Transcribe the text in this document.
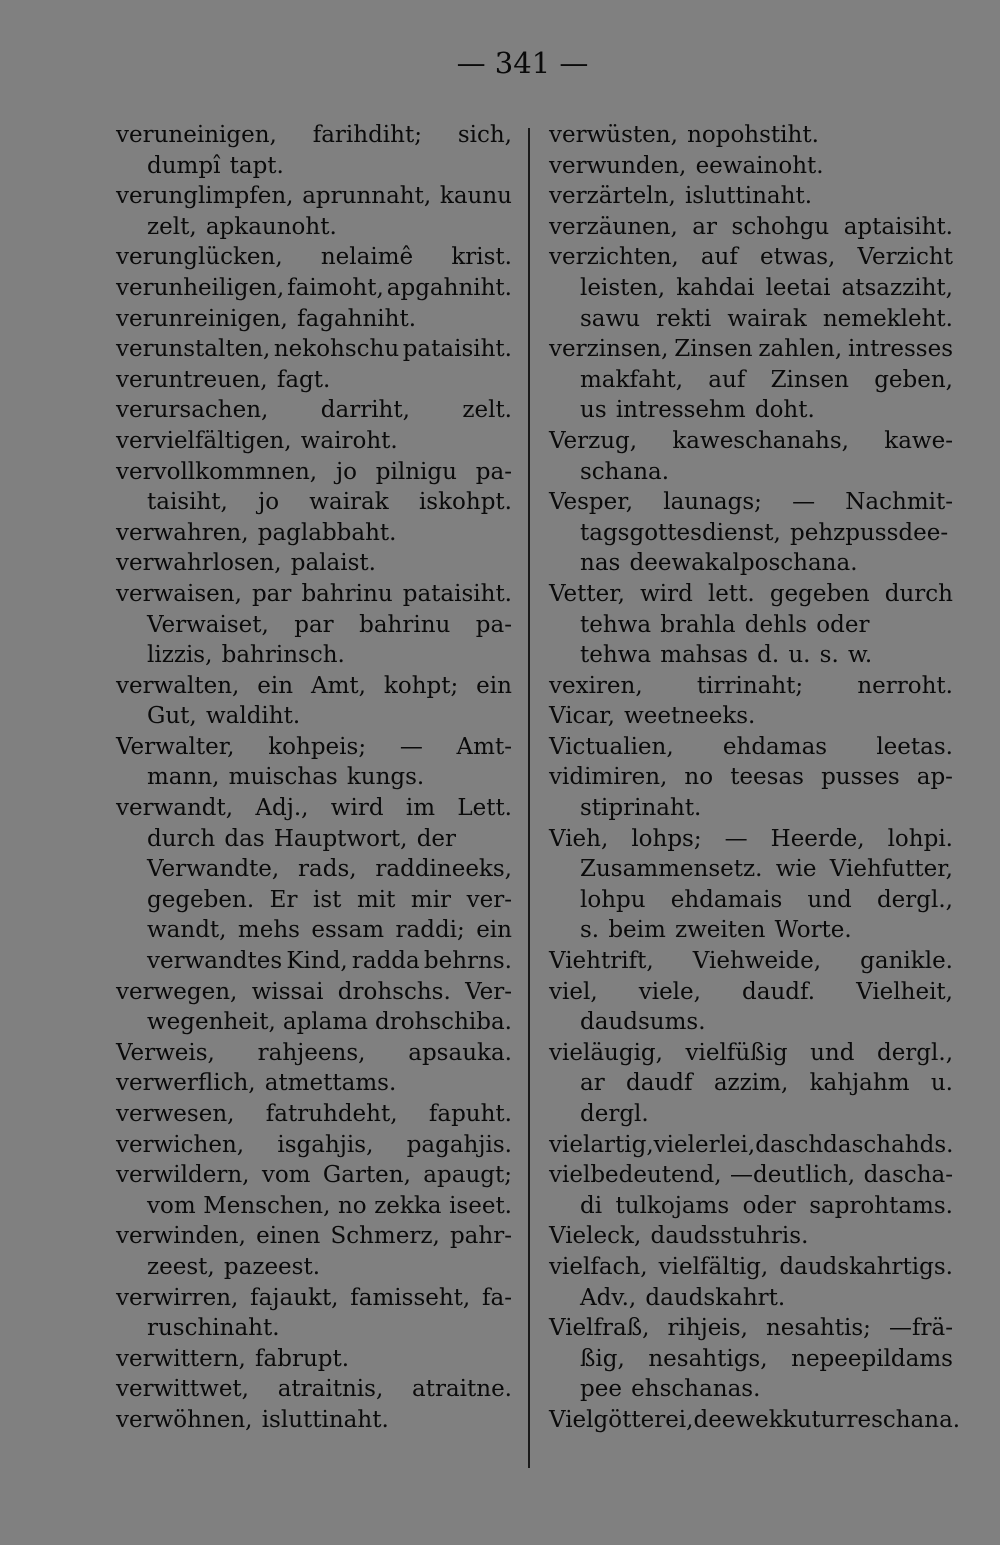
— 341 —
veruneinigen, farihdiht; sich,
dumpî tapt.
verunglimpfen, aprunnaht, kaunu
zelt, apkaunoht.
verunglücken, nelaimê krist.
verunheiligen, faimoht, apgahniht.
verunreinigen, fagahniht.
verunstalten, nekohschu pataisiht.
veruntreuen, fagt.
verursachen, darriht, zelt.
vervielfältigen, wairoht.
vervollkommnen, jo pilnigu pa-
taisiht, jo wairak iskohpt.
verwahren, paglabbaht.
verwahrlosen, palaist.
verwaisen, par bahrinu pataisiht.
Verwaiset, par bahrinu pa-
lizzis, bahrinsch.
verwalten, ein Amt, kohpt; ein
Gut, waldiht.
Verwalter, kohpeis; — Amt-
mann, muischas kungs.
verwandt, Adj., wird im Lett.
durch das Hauptwort, der
Verwandte, rads, raddineeks,
gegeben. Er ist mit mir ver-
wandt, mehs essam raddi; ein
verwandtes Kind, radda behrns.
verwegen, wissai drohschs. Ver-
wegenheit, aplama drohschiba.
Verweis, rahjeens, apsauka.
verwerflich, atmettams.
verwesen, fatruhdeht, fapuht.
verwichen, isgahjis, pagahjis.
verwildern, vom Garten, apaugt;
vom Menschen, no zekka iseet.
verwinden, einen Schmerz, pahr-
zeest, pazeest.
verwirren, fajaukt, famisseht, fa-
ruschinaht.
verwittern, fabrupt.
verwittwet, atraitnis, atraitne.
verwöhnen, isluttinaht.
verwüsten, nopohstiht.
verwunden, eewainoht.
verzärteln, isluttinaht.
verzäunen, ar schohgu aptaisiht.
verzichten, auf etwas, Verzicht
leisten, kahdai leetai atsazziht,
sawu rekti wairak nemekleht.
verzinsen, Zinsen zahlen, intresses
makfaht, auf Zinsen geben,
us intressehm doht.
Verzug, kaweschanahs, kawe-
schana.
Vesper, launags; — Nachmit-
tagsgottesdienst, pehzpussdee-
nas deewakalposchana.
Vetter, wird lett. gegeben durch
tehwa brahla dehls oder
tehwa mahsas d. u. s. w.
vexiren, tirrinaht; nerroht.
Vicar, weetneeks.
Victualien, ehdamas leetas.
vidimiren, no teesas pusses ap-
stiprinaht.
Vieh, lohps; — Heerde, lohpi.
Zusammensetz. wie Viehfutter,
lohpu ehdamais und dergl.,
s. beim zweiten Worte.
Viehtrift, Viehweide, ganikle.
viel, viele, daudf. Vielheit,
daudsums.
vieläugig, vielfüßig und dergl.,
ar daudf azzim, kahjahm u.
dergl.
vielartig, vielerlei, daschdaschahds.
vielbedeutend, —deutlich, dascha-
di tulkojams oder saprohtams.
Vieleck, daudsstuhris.
vielfach, vielfältig, daudskahrtigs.
Adv., daudskahrt.
Vielfraß, rihjeis, nesahtis; —frä-
ßig, nesahtigs, nepeepildams
pee ehschanas.
Vielgötterei, deewekku turreschana.
